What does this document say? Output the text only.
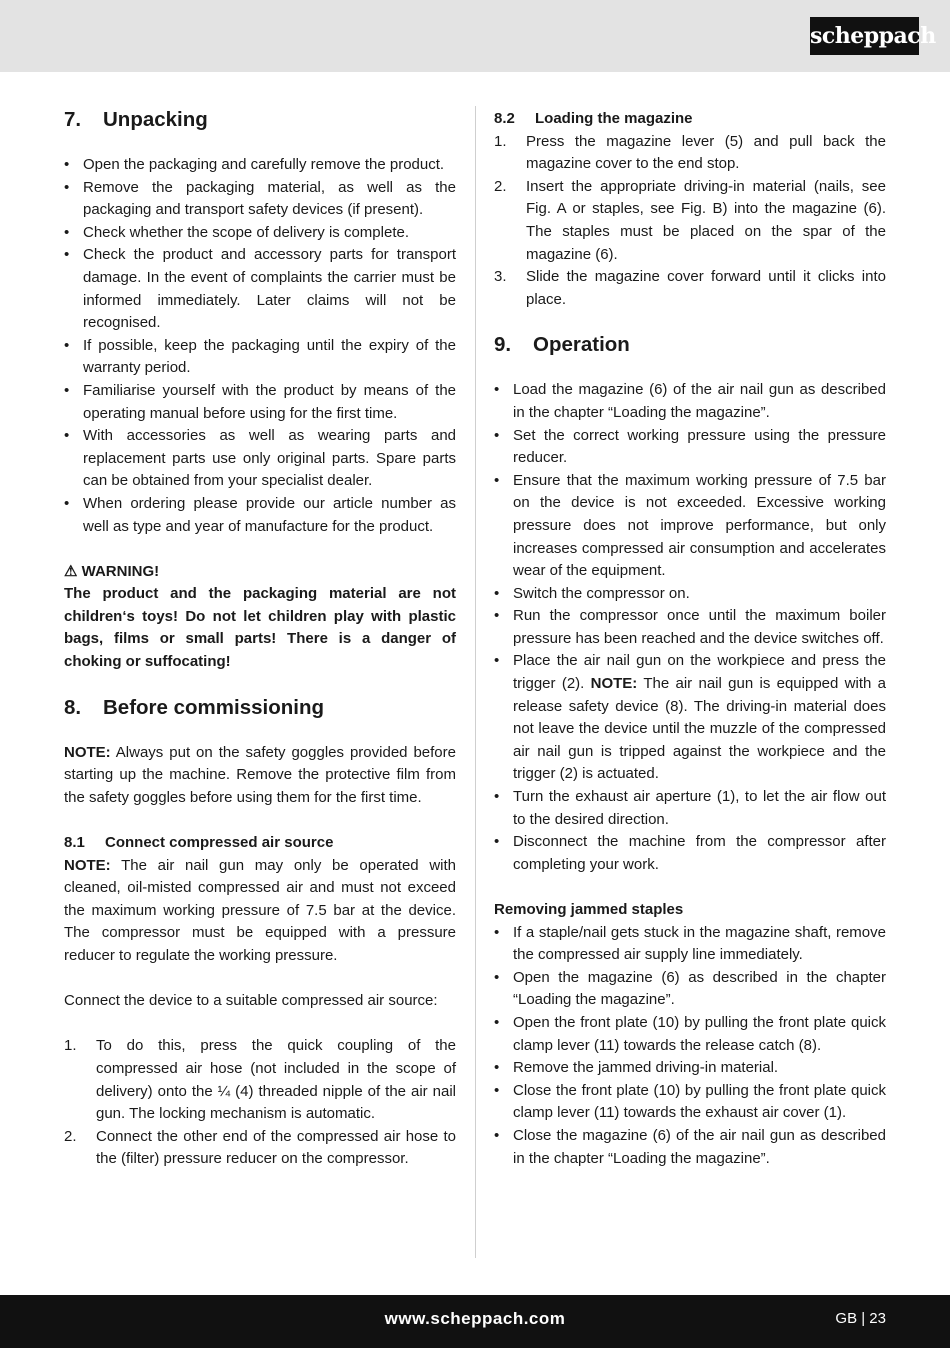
scheppach
7. Unpacking
• Open the packaging and carefully remove the product.
• Remove the packaging material, as well as the packaging and transport safety devices (if present).
• Check whether the scope of delivery is complete.
• Check the product and accessory parts for transport damage. In the event of complaints the carrier must be informed immediately. Later claims will not be recognised.
• If possible, keep the packaging until the expiry of the warranty period.
• Familiarise yourself with the product by means of the operating manual before using for the first time.
• With accessories as well as wearing parts and replacement parts use only original parts. Spare parts can be obtained from your specialist dealer.
• When ordering please provide our article number as well as type and year of manufacture for the product.

⚠ WARNING!

The product and the packaging material are not children‘s toys! Do not let children play with plastic bags, films or small parts! There is a danger of choking or suffocating!

8. Before commissioning

NOTE: Always put on the safety goggles provided before starting up the machine. Remove the protective film from the safety goggles before using them for the first time.

8.1 Connect compressed air source

NOTE: The air nail gun may only be operated with cleaned, oil-misted compressed air and must not exceed the maximum working pressure of 7.5 bar at the device. The compressor must be equipped with a pressure reducer to regulate the working pressure.

Connect the device to a suitable compressed air source:

1. To do this, press the quick coupling of the compressed air hose (not included in the scope of delivery) onto the ¼ (4) threaded nipple of the air nail gun. The locking mechanism is automatic.
2. Connect the other end of the compressed air hose to the (filter) pressure reducer on the compressor.
8.2 Loading the magazine
1. Press the magazine lever (5) and pull back the magazine cover to the end stop.
2. Insert the appropriate driving-in material (nails, see Fig. A or staples, see Fig. B) into the magazine (6). The staples must be placed on the spar of the magazine (6).
3. Slide the magazine cover forward until it clicks into place.
9. Operation
• Load the magazine (6) of the air nail gun as described in the chapter “Loading the magazine”.
• Set the correct working pressure using the pressure reducer.
• Ensure that the maximum working pressure of 7.5 bar on the device is not exceeded. Excessive working pressure does not improve performance, but only increases compressed air consumption and accelerates wear of the equipment.
• Switch the compressor on.
• Run the compressor once until the maximum boiler pressure has been reached and the device switches off.
• Place the air nail gun on the workpiece and press the trigger (2). NOTE: The air nail gun is equipped with a release safety device (8). The driving-in material does not leave the device until the muzzle of the compressed air nail gun is tripped against the workpiece and the trigger (2) is actuated.
• Turn the exhaust air aperture (1), to let the air flow out to the desired direction.
• Disconnect the machine from the compressor after completing your work.
Removing jammed staples
• If a staple/nail gets stuck in the magazine shaft, remove the compressed air supply line immediately.
• Open the magazine (6) as described in the chapter “Loading the magazine”.
• Open the front plate (10) by pulling the front plate quick clamp lever (11) towards the release catch (8).
• Remove the jammed driving-in material.
• Close the front plate (10) by pulling the front plate quick clamp lever (11) towards the exhaust air cover (1).
• Close the magazine (6) of the air nail gun as described in the chapter “Loading the magazine”.
www.scheppach.com	GB | 23
